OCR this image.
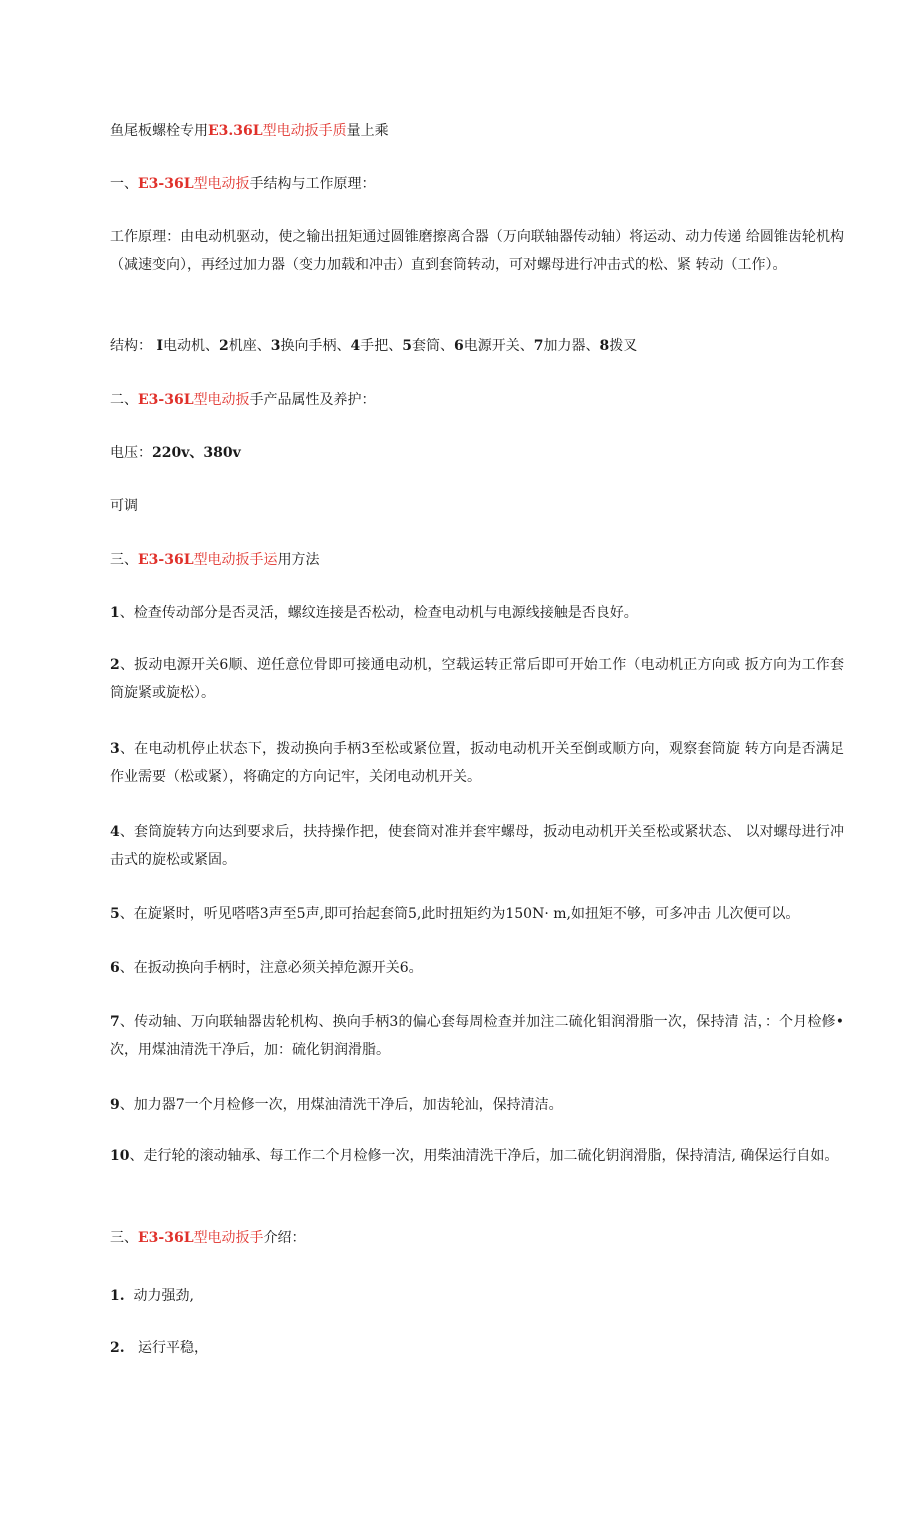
鱼尾板螺栓专用E3.36L型电动扳手质量上乘
一、E3-36L型电动扳手结构与工作原理：
工作原理：由电动机驱动，使之输出扭矩通过圆锥磨擦离合器（万向联轴器传动轴）将运动、动力传递 给圆锥齿轮机构（减速变向），再经过加力器（变力加载和冲击）直到套筒转动，可对螺母进行冲击式的松、紧 转动（工作）。
结构： I电动机、2机座、3换向手柄、4手把、5套筒、6电源开关、7加力器、8拨叉
二、E3-36L型电动扳手产品属性及养护：
电压：220v、380v
可调
三、E3-36L型电动扳手运用方法
1、检查传动部分是否灵活，螺纹连接是否松动，检查电动机与电源线接触是否良好。
2、扳动电源开关6顺、逆任意位骨即可接通电动机，空载运转正常后即可开始工作（电动机正方向或 扳方向为工作套筒旋紧或旋松）。
3、在电动机停止状态下，拨动换向手柄3至松或紧位置，扳动电动机开关至倒或顺方向，观察套筒旋 转方向是否满足作业需要（松或紧），将确定的方向记牢，关闭电动机开关。
4、套筒旋转方向达到要求后，扶持操作把，使套筒对准并套牢螺母，扳动电动机开关至松或紧状态、 以对螺母进行冲击式的旋松或紧固。
5、在旋紧时，听见嗒嗒3声至5声,即可抬起套筒5,此时扭矩约为150N· m,如扭矩不够，可多冲击 儿次便可以。
6、在扳动换向手柄时，注意必须关掉危源开关6。
7、传动轴、万向联轴器齿轮机构、换向手柄3的偏心套每周检查并加注二硫化钼润滑脂一次，保持清 洁，：个月检修•次，用煤油清洗干净后，加：硫化钥润滑脂。
9、加力器7一个月检修一次，用煤油清洗干净后，加齿轮汕，保持清洁。
10、走行轮的滚动轴承、每工作二个月检修一次，用柴油清洗干净后，加二硫化钥润滑脂，保持清洁, 确保运行自如。
三、E3-36L型电动扳手介绍：
1. 动力强劲,
2. 运行平稳，
